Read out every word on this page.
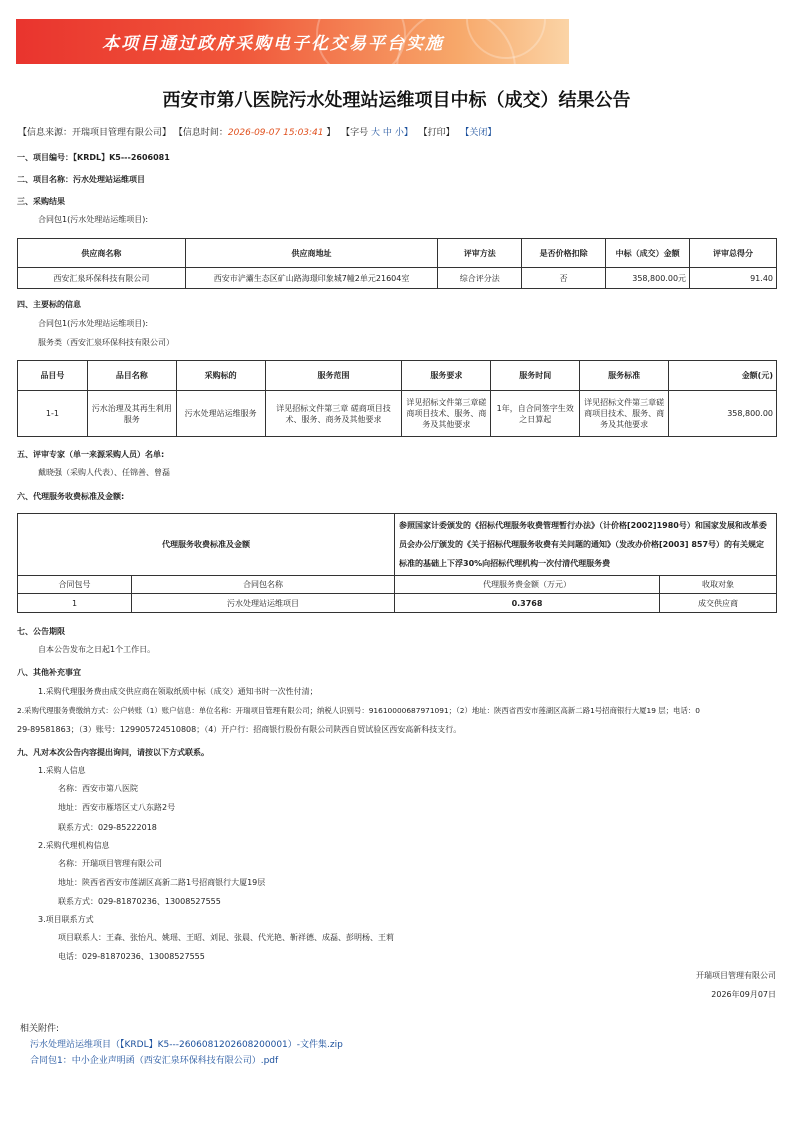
本项目通过政府采购电子化交易平台实施
西安市第八医院污水处理站运维项目中标（成交）结果公告
【信息来源：开瑞项目管理有限公司】 【信息时间：2026-09-07 15:03:41 】 【字号 大 中 小】 【打印】 【关闭】
一、项目编号：【KRDL】K5---2606081
二、项目名称：污水处理站运维项目
三、采购结果
合同包1(污水处理站运维项目):
供应商名称	供应商地址	评审方法	是否价格扣除	中标（成交）金额	评审总得分
西安汇泉环保科技有限公司	西安市浐灞生态区矿山路海璟印象城7幢2单元21604室	综合评分法	否	358,800.00元	91.40
四、主要标的信息
合同包1(污水处理站运维项目):
服务类（西安汇泉环保科技有限公司）
品目号	品目名称	采购标的	服务范围	服务要求	服务时间	服务标准	金额(元)
1-1	污水治理及其再生利用服务	污水处理站运维服务	详见招标文件第三章 磋商项目技术、服务、商务及其他要求	详见招标文件第三章磋商项目技术、服务、商务及其他要求	1年，自合同签字生效之日算起	详见招标文件第三章磋商项目技术、服务、商务及其他要求	358,800.00
五、评审专家（单一来源采购人员）名单:
戴晓强（采购人代表）、任锦善、曾磊
六、代理服务收费标准及金额:
代理服务收费标准及金额		参照国家计委颁发的《招标代理服务收费管理暂行办法》（计价格[2002]1980号）和国家发展和改革委员会办公厅颁发的《关于招标代理服务收费有关问题的通知》（发改办价格[2003] 857号）的有关规定标准的基础上下浮30%向招标代理机构一次付清代理服务费	
合同包号	合同包名称	代理服务费金额（万元）	收取对象
1	污水处理站运维项目	0.3768	成交供应商
七、公告期限
自本公告发布之日起1个工作日。
八、其他补充事宜
1.采购代理服务费由成交供应商在领取纸质中标（成交）通知书时一次性付清；
2.采购代理服务费缴纳方式：公户转账（1）账户信息：单位名称：开瑞项目管理有限公司；纳税人识别号：91610000687971091；（2）地址：陕西省西安市莲湖区高新二路1号招商银行大厦19 层；电话：0
29-89581863；（3）账号：129905724510808；（4）开户行：招商银行股份有限公司陕西自贸试验区西安高新科技支行。
九、凡对本次公告内容提出询问，请按以下方式联系。
1.采购人信息
名称：西安市第八医院
地址：西安市雁塔区丈八东路2号
联系方式：029-85222018
2.采购代理机构信息
名称：开瑞项目管理有限公司
地址：陕西省西安市莲湖区高新二路1号招商银行大厦19层
联系方式：029-81870236、13008527555
3.项目联系方式
项目联系人：王森、张怡凡、姚瑶、王昭、刘昆、张晨、代光艳、靳祥德、成磊、彭明杨、王莉
电话：029-81870236、13008527555
开瑞项目管理有限公司
2026年09月07日
相关附件:
污水处理站运维项目（【KRDL】K5---2606081202608200001）-文件集.zip
合同包1：中小企业声明函（西安汇泉环保科技有限公司）.pdf
